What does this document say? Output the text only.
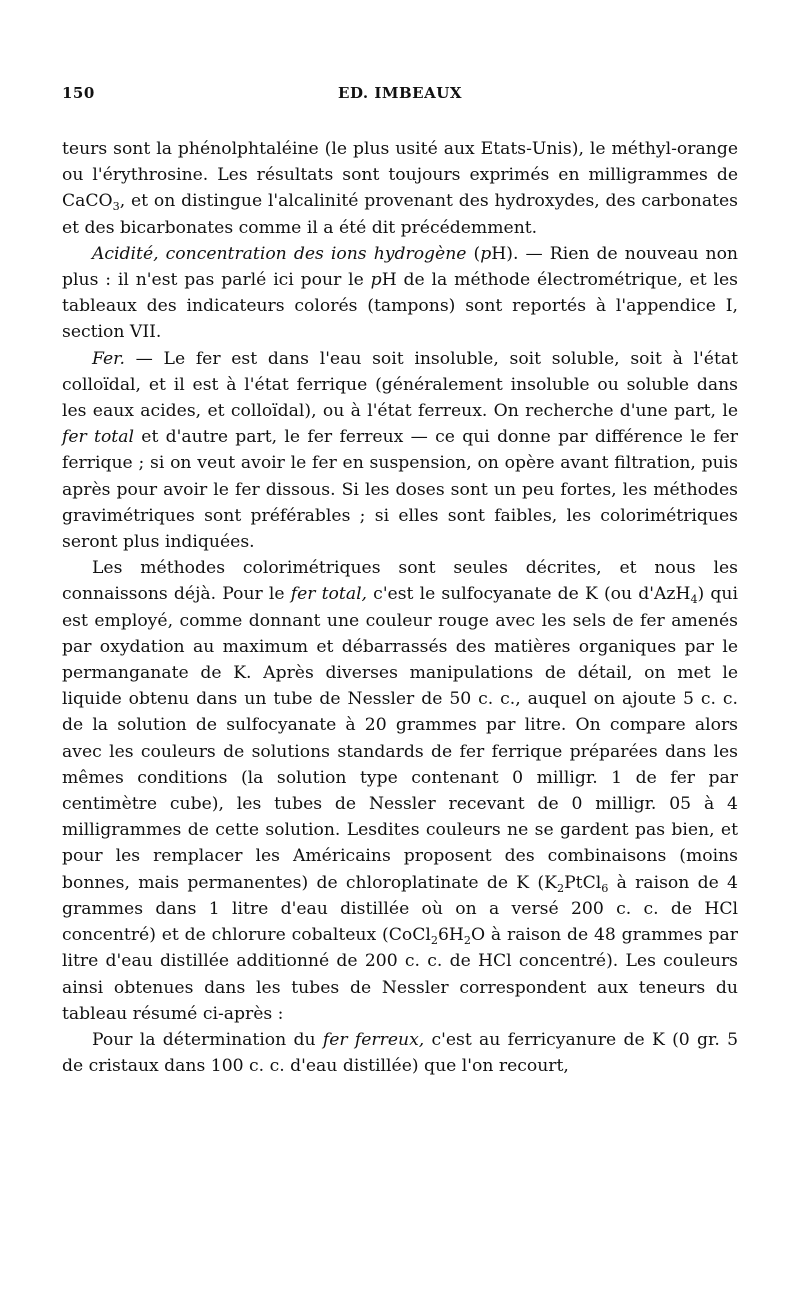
150	ED. IMBEAUX

teurs sont la phénolphtaléine (le plus usité aux Etats-Unis), le méthyl-orange ou l'érythrosine. Les résultats sont toujours exprimés en milligrammes de CaCO$_3$, et on distingue l'alcalinité provenant des hydroxydes, des carbonates et des bicarbonates comme il a été dit précédemment.

Acidité, concentration des ions hydrogène (pH). — Rien de nouveau non plus : il n'est pas parlé ici pour le pH de la méthode électrométrique, et les tableaux des indicateurs colorés (tampons) sont reportés à l'appendice I, section VII.

Fer. — Le fer est dans l'eau soit insoluble, soit soluble, soit à l'état colloïdal, et il est à l'état ferrique (généralement insoluble ou soluble dans les eaux acides, et colloïdal), ou à l'état ferreux. On recherche d'une part, le fer total et d'autre part, le fer ferreux — ce qui donne par différence le fer ferrique ; si on veut avoir le fer en suspension, on opère avant filtration, puis après pour avoir le fer dissous. Si les doses sont un peu fortes, les méthodes gravimétriques sont préférables ; si elles sont faibles, les colorimétriques seront plus indiquées.

Les méthodes colorimétriques sont seules décrites, et nous les connaissons déjà. Pour le fer total, c'est le sulfocyanate de K (ou d'AzH$_4$) qui est employé, comme donnant une couleur rouge avec les sels de fer amenés par oxydation au maximum et débarrassés des matières organiques par le permanganate de K. Après diverses manipulations de détail, on met le liquide obtenu dans un tube de Nessler de 50 c. c., auquel on ajoute 5 c. c. de la solution de sulfocyanate à 20 grammes par litre. On compare alors avec les couleurs de solutions standards de fer ferrique préparées dans les mêmes conditions (la solution type contenant 0 milligr. 1 de fer par centimètre cube), les tubes de Nessler recevant de 0 milligr. 05 à 4 milligrammes de cette solution. Lesdites couleurs ne se gardent pas bien, et pour les remplacer les Américains proposent des combinaisons (moins bonnes, mais permanentes) de chloroplatinate de K ($K_2PtCl_6$ à raison de 4 grammes dans 1 litre d'eau distillée où on a versé 200 c. c. de HCl concentré) et de chlorure cobalteux ($CoCl_26H_2O$ à raison de 48 grammes par litre d'eau distillée additionné de 200 c. c. de HCl concentré). Les couleurs ainsi obtenues dans les tubes de Nessler correspondent aux teneurs du tableau résumé ci-après :

Pour la détermination du fer ferreux, c'est au ferricyanure de K (0 gr. 5 de cristaux dans 100 c. c. d'eau distillée) que l'on recourt,
